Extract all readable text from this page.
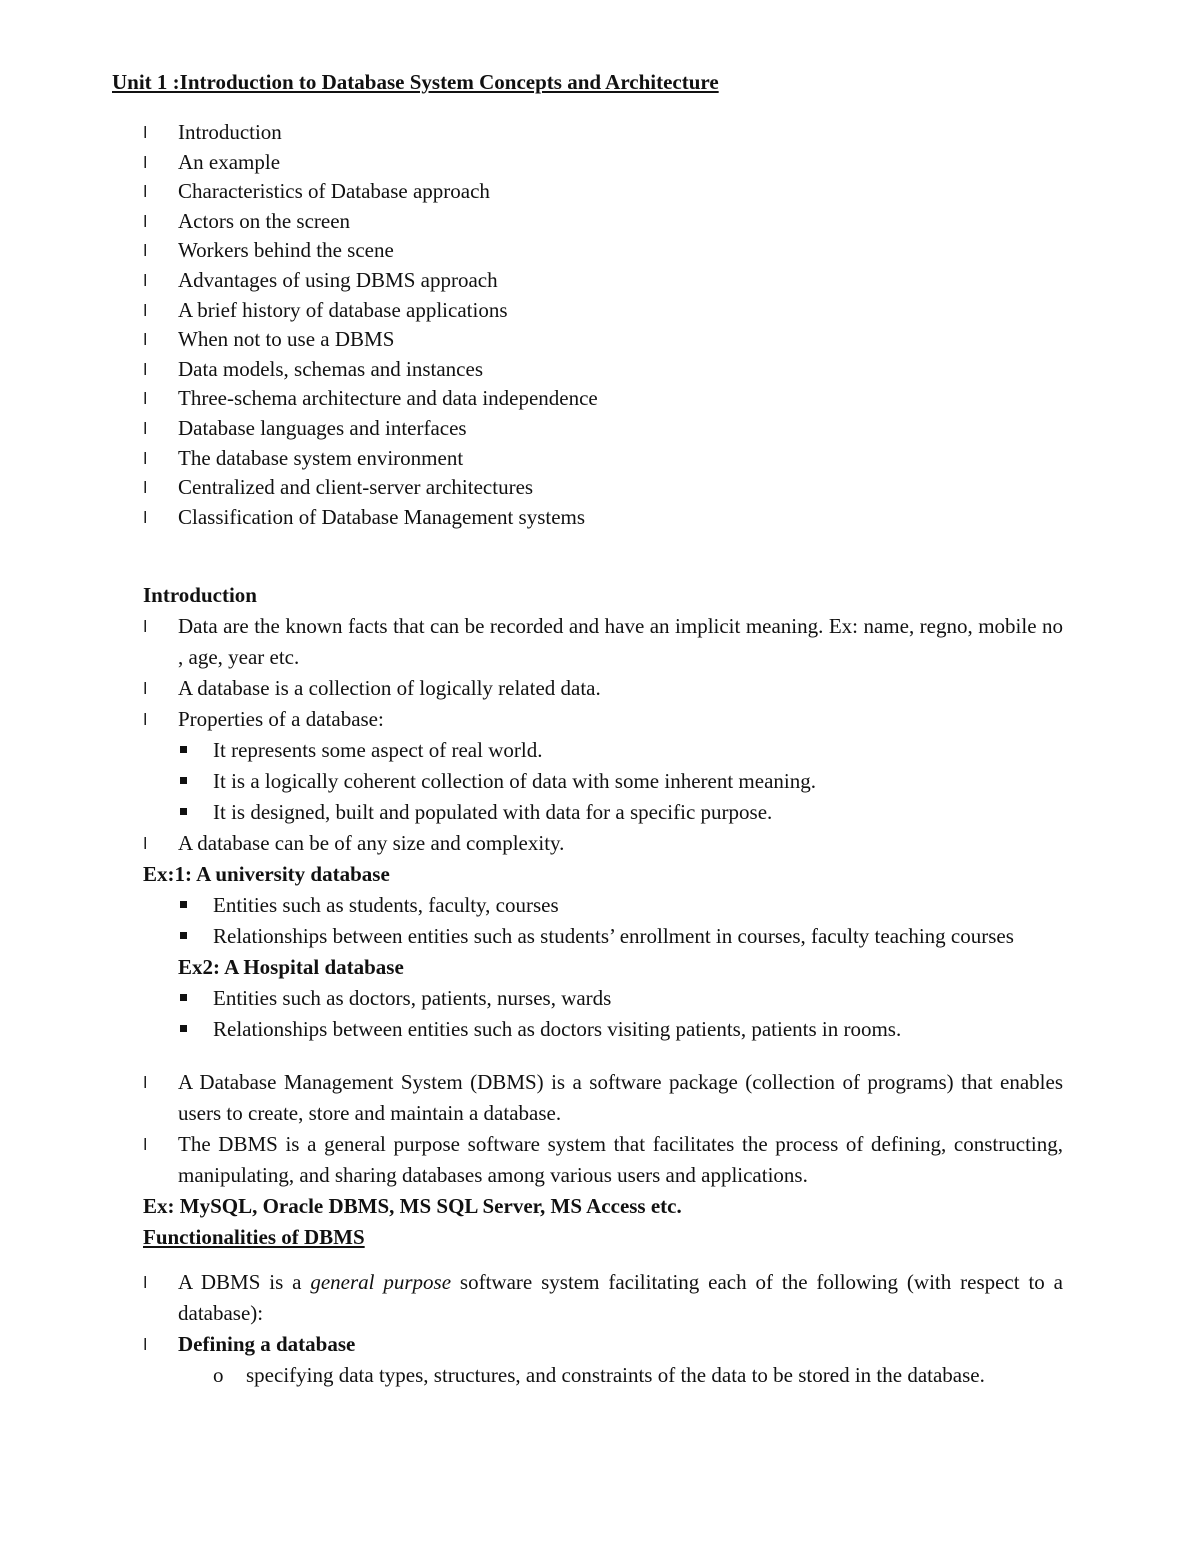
Unit 1 :Introduction to Database System Concepts and Architecture
l	Introduction
l	An example
l	Characteristics of Database approach
l	Actors on the screen
l	Workers behind the scene
l	Advantages of using DBMS approach
l	A brief history of database applications
l	When not to use a DBMS
l	Data models, schemas and instances
l	Three-schema architecture and data independence
l	Database languages and interfaces
l	The database system environment
l	Centralized and client-server architectures
l	Classification of Database Management systems
Introduction
l	Data are the known facts that can be recorded and have an implicit meaning. Ex: name, regno, mobile no , age, year etc.
l	A database is a collection of logically related data.
l	Properties of a database:
It represents some aspect of real world.
It is a logically coherent collection of data with some inherent meaning.
It is designed, built and populated with data for a specific purpose.
l	A database can be of any size and complexity.
Ex:1: A university database
Entities such as students, faculty, courses
Relationships between entities such as students’ enrollment in courses, faculty teaching courses
Ex2: A Hospital database
Entities such as doctors, patients, nurses, wards
Relationships between entities such as doctors visiting patients, patients in rooms.
l	A Database Management System (DBMS) is a software package (collection of programs) that enables users to create, store and maintain a database.
l	The DBMS is a general purpose software system that facilitates the process of defining, constructing, manipulating, and sharing databases among various users and applications.
Ex: MySQL, Oracle DBMS, MS SQL Server, MS Access etc.
Functionalities of DBMS
l	A DBMS is a general purpose software system facilitating each of the following (with respect to a database):
l	Defining a database
o specifying data types, structures, and constraints of the data to be stored in the database.
